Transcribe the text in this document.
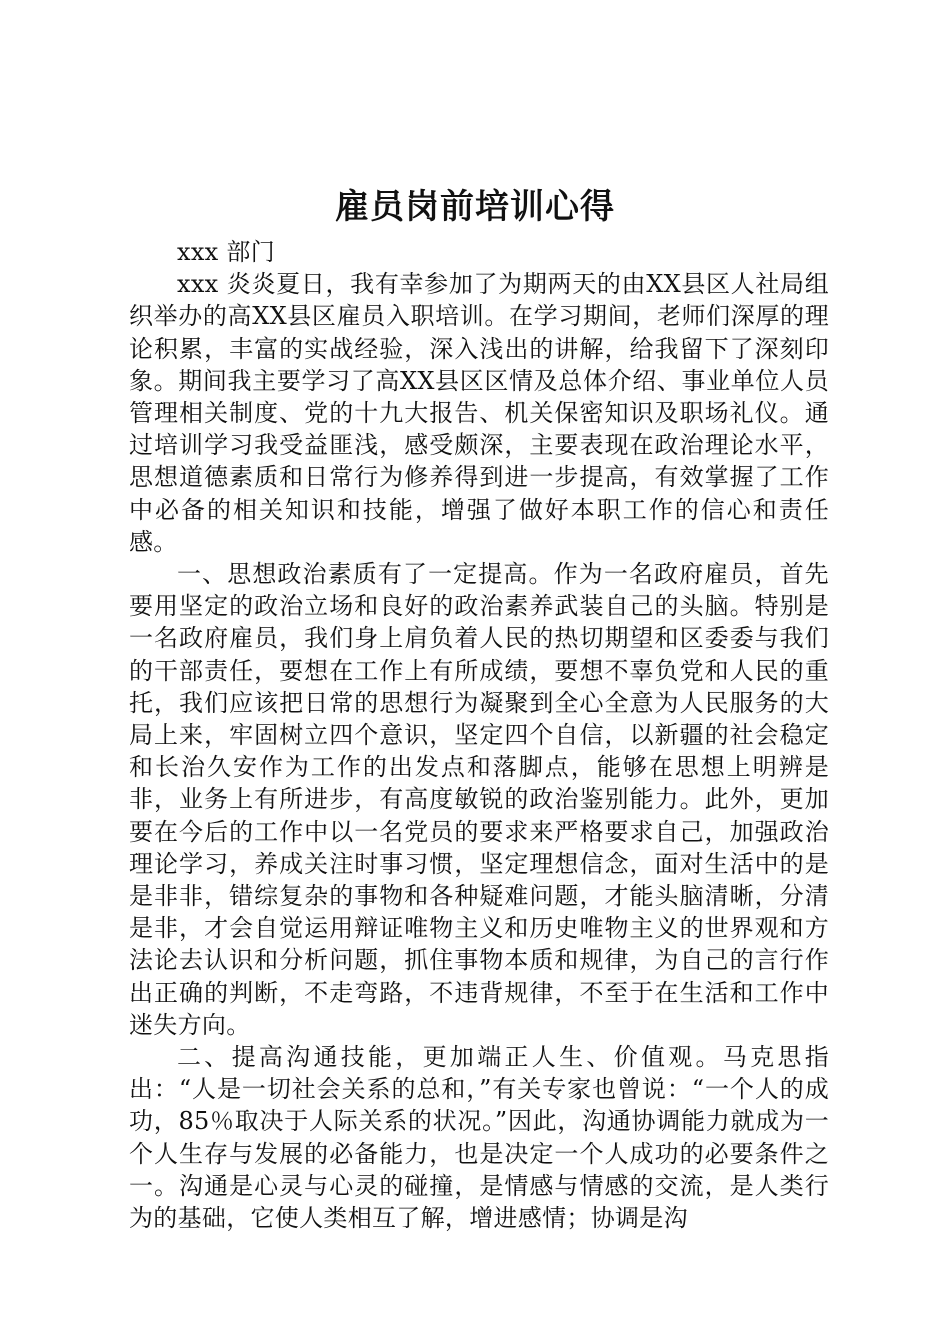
雇员岗前培训心得

xxx 部门

xxx 炎炎夏日，我有幸参加了为期两天的由XX县区人社局组织举办的高XX县区雇员入职培训。在学习期间，老师们深厚的理论积累，丰富的实战经验，深入浅出的讲解，给我留下了深刻印象。期间我主要学习了高XX县区区情及总体介绍、事业单位人员管理相关制度、党的十九大报告、机关保密知识及职场礼仪。通过培训学习我受益匪浅，感受颇深，主要表现在政治理论水平，思想道德素质和日常行为修养得到进一步提高，有效掌握了工作中必备的相关知识和技能，增强了做好本职工作的信心和责任感。

一、思想政治素质有了一定提高。作为一名政府雇员，首先要用坚定的政治立场和良好的政治素养武装自己的头脑。特别是一名政府雇员，我们身上肩负着人民的热切期望和区委委与我们的干部责任，要想在工作上有所成绩，要想不辜负党和人民的重托，我们应该把日常的思想行为凝聚到全心全意为人民服务的大局上来，牢固树立四个意识，坚定四个自信，以新疆的社会稳定和长治久安作为工作的出发点和落脚点，能够在思想上明辨是非，业务上有所进步，有高度敏锐的政治鉴别能力。此外，更加要在今后的工作中以一名党员的要求来严格要求自己，加强政治理论学习，养成关注时事习惯，坚定理想信念，面对生活中的是是非非，错综复杂的事物和各种疑难问题，才能头脑清晰，分清是非，才会自觉运用辩证唯物主义和历史唯物主义的世界观和方法论去认识和分析问题，抓住事物本质和规律，为自己的言行作出正确的判断，不走弯路，不违背规律，不至于在生活和工作中迷失方向。

二、提高沟通技能，更加端正人生、价值观。马克思指出：“人是一切社会关系的总和，”有关专家也曾说：“一个人的成功，85％取决于人际关系的状况。”因此，沟通协调能力就成为一个人生存与发展的必备能力，也是决定一个人成功的必要条件之一。沟通是心灵与心灵的碰撞，是情感与情感的交流，是人类行为的基础，它使人类相互了解，增进感情；协调是沟
